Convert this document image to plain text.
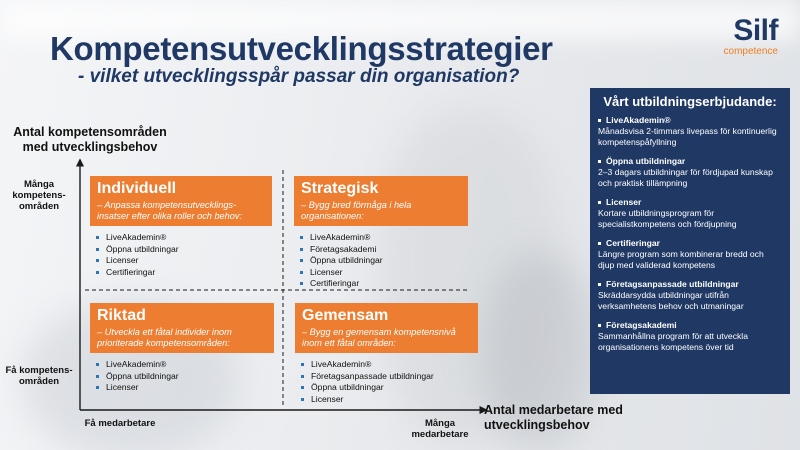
Kompetensutvecklingsstrategier
- vilket utvecklingsspår passar din organisation?
Silf
competence
Antal kompetensområden med utvecklingsbehov
Många kompetens-områden
Få kompetens-områden
Få medarbetare	Många medarbetare
Antal medarbetare med utvecklingsbehov
Individuell
– Anpassa kompetensutvecklings-insatser efter olika roller och behov:
LiveAkademin®
Öppna utbildningar
Licenser
Certifieringar
Strategisk
– Bygg bred förmåga i hela organisationen:
LiveAkademin®
Företagsakademi
Öppna utbildningar
Licenser
Certifieringar
Riktad
– Utveckla ett fåtal individer inom prioriterade kompetensområden:
LiveAkademin®
Öppna utbildningar
Licenser
Gemensam
– Bygg en gemensam kompetensnivå inom ett fåtal områden:
LiveAkademin®
Företagsanpassade utbildningar
Öppna utbildningar
Licenser
Vårt utbildningserbjudande:
LiveAkademin®
Månadsvisa 2-timmars livepass för kontinuerlig kompetenspåfyllning
Öppna utbildningar
2–3 dagars utbildningar för fördjupad kunskap och praktisk tillämpning
Licenser
Kortare utbildningsprogram för specialistkompetens och fördjupning
Certifieringar
Längre program som kombinerar bredd och djup med validerad kompetens
Företagsanpassade utbildningar
Skräddarsydda utbildningar utifrån verksamhetens behov och utmaningar
Företagsakademi
Sammanhållna program för att utveckla organisationens kompetens över tid
